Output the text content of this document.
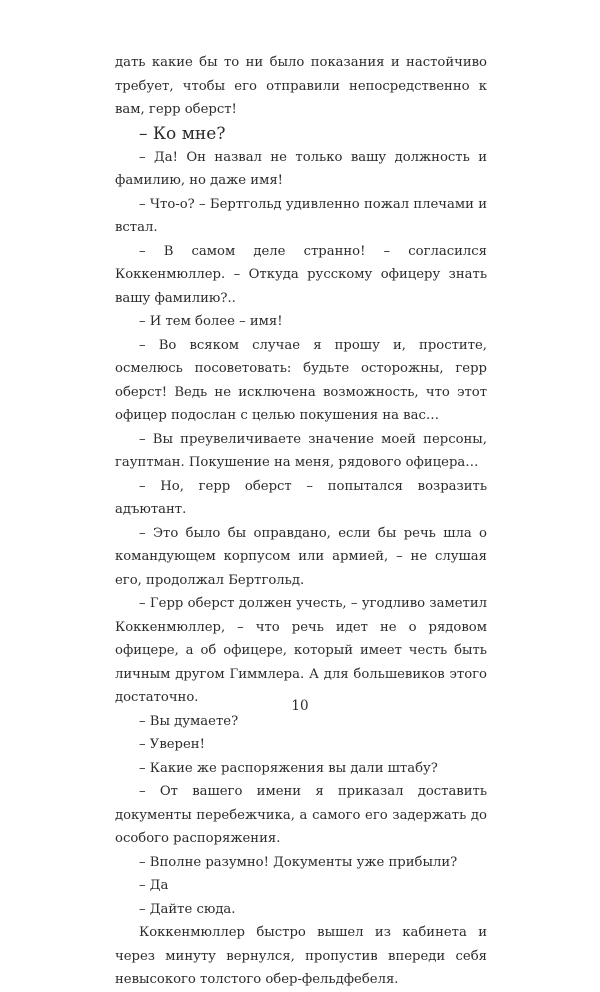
дать какие бы то ни было показания и настойчиво требует, чтобы его отправили непосредственно к вам, герр оберст!

– Ко мне?

– Да! Он назвал не только вашу должность и фамилию, но даже имя!

– Что-о? – Бертгольд удивленно пожал плечами и встал.

– В самом деле странно! – согласился Коккенмюллер. – Откуда русскому офицеру знать вашу фамилию?..

– И тем более – имя!

– Во всяком случае я прошу и, простите, осмелюсь посоветовать: будьте осторожны, герр оберст! Ведь не исключена возможность, что этот офицер подослан с целью покушения на вас…

– Вы преувеличиваете значение моей персоны, гауптман. Покушение на меня, рядового офицера…

– Но, герр оберст – попытался возразить адъютант.

– Это было бы оправдано, если бы речь шла о командующем корпусом или армией, – не слушая его, продолжал Бертгольд.

– Герр оберст должен учесть, – угодливо заметил Коккенмюллер, – что речь идет не о рядовом офицере, а об офицере, который имеет честь быть личным другом Гиммлера. А для большевиков этого достаточно.

– Вы думаете?

– Уверен!

– Какие же распоряжения вы дали штабу?

– От вашего имени я приказал доставить документы перебежчика, а самого его задержать до особого распоряжения.

– Вполне разумно! Документы уже прибыли?

– Да

– Дайте сюда.

Коккенмюллер быстро вышел из кабинета и через минуту вернулся, пропустив впереди себя невысокого толстого обер-фельдфебеля.

10
